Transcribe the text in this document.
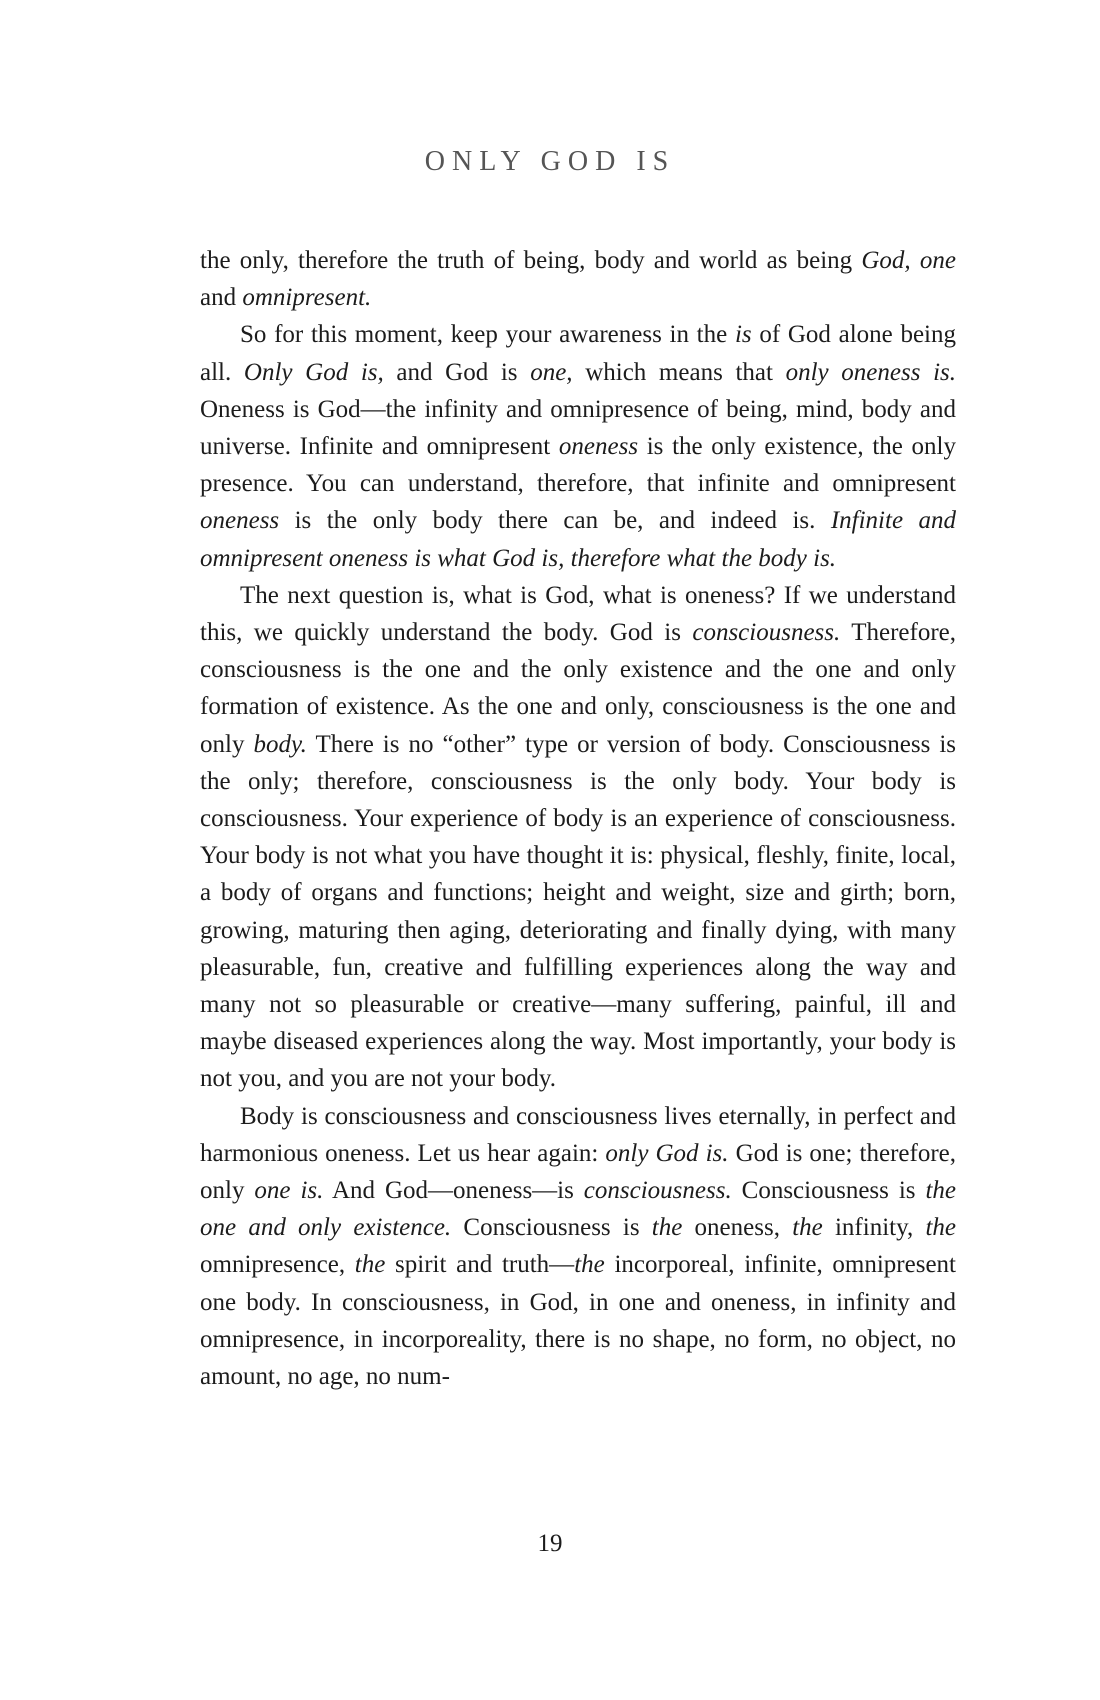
ONLY GOD IS

the only, therefore the truth of being, body and world as being God, one and omnipresent.

So for this moment, keep your awareness in the is of God alone being all. Only God is, and God is one, which means that only oneness is. Oneness is God—the infinity and omnipresence of being, mind, body and universe. Infinite and omnipresent oneness is the only existence, the only presence. You can understand, therefore, that infinite and omnipresent oneness is the only body there can be, and indeed is. Infinite and omnipresent oneness is what God is, therefore what the body is.

The next question is, what is God, what is oneness? If we understand this, we quickly understand the body. God is consciousness. Therefore, consciousness is the one and the only existence and the one and only formation of existence. As the one and only, consciousness is the one and only body. There is no “other” type or version of body. Consciousness is the only; therefore, consciousness is the only body. Your body is consciousness. Your experience of body is an experience of consciousness. Your body is not what you have thought it is: physical, fleshly, finite, local, a body of organs and functions; height and weight, size and girth; born, growing, maturing then aging, deteriorating and finally dying, with many pleasurable, fun, creative and fulfilling experiences along the way and many not so pleasurable or creative—many suffering, painful, ill and maybe diseased experiences along the way. Most importantly, your body is not you, and you are not your body.

Body is consciousness and consciousness lives eternally, in perfect and harmonious oneness. Let us hear again: only God is. God is one; therefore, only one is. And God—oneness—is consciousness. Consciousness is the one and only existence. Consciousness is the oneness, the infinity, the omnipresence, the spirit and truth—the incorporeal, infinite, omnipresent one body. In consciousness, in God, in one and oneness, in infinity and omnipresence, in incorporeality, there is no shape, no form, no object, no amount, no age, no num-

19
